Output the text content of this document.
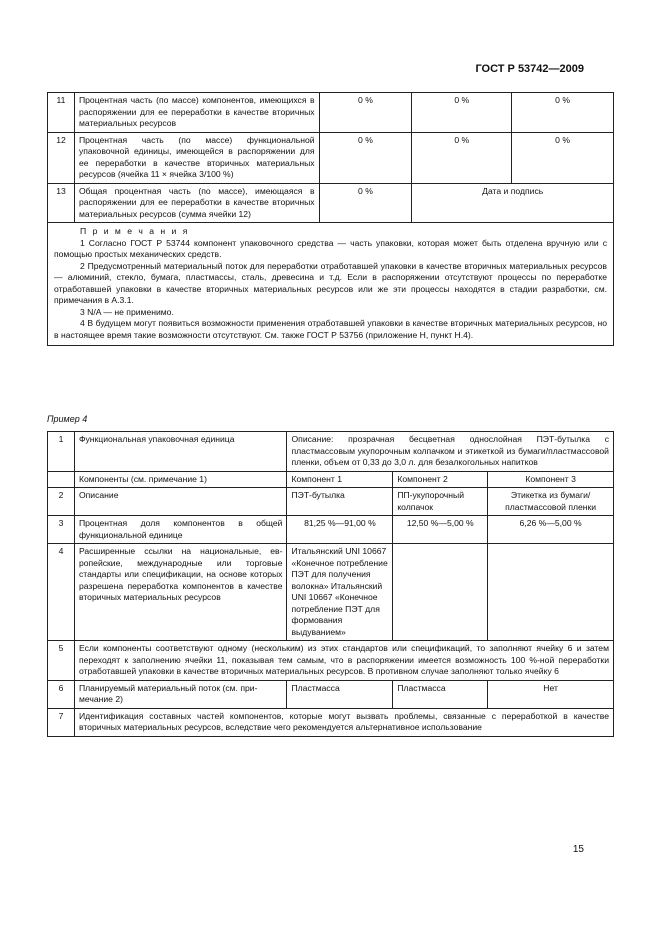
ГОСТ Р 53742—2009
11	Процентная часть (по массе) компонентов, имеющихся в распоряжении для ее переработки в качестве вторичных материальных ресурсов	0 %	0 %	0 %
12	Процентная часть (по массе) функциональной упаковочной единицы, имеющейся в распоряжении для ее переработки в качестве вторичных материальных ресурсов (ячейка 11 × ячейка 3/100 %)	0 %	0 %	0 %
13	Общая процентная часть (по массе), имеющаяся в распоряжении для ее переработки в качестве вторичных материальных ресурсов (сумма ячейки 12)	0 %	Дата и подпись	

П р и м е ч а н и я

1 Согласно ГОСТ Р 53744 компонент упаковочного средства — часть упаковки, которая может быть отделена вручную или с помощью простых механических средств.

2 Предусмотренный материальный поток для переработки отработавшей упаковки в качестве вторичных материальных ресурсов — алюминий, стекло, бумага, пластмассы, сталь, древесина и т.д. Если в распоряжении отсутствуют процессы по переработке отработавшей упаковки в качестве вторичных материальных ресурсов или же эти процессы находятся в стадии разработки, см. примечания в А.3.1.

3 N/A — не применимо.

4 В будущем могут появиться возможности применения отработавшей упаковки в качестве вторичных материальных ресурсов, но в настоящее время такие возможности отсутствуют. См. также ГОСТ Р 53756 (приложение Н, пункт Н.4).				

Пример 4
1	Функциональная упаковочная единица	Описание: прозрачная бесцветная однослойная ПЭТ-бутылка с пластмассовым укупорочным колпачком и этикеткой из бумаги/пластмассовой пленки, объем от 0,33 до 3,0 л. для безалкогольных напитков		
	Компоненты (см. примечание 1)	Компонент 1	Компонент 2	Компонент 3
2	Описание	ПЭТ-бутылка	ПП-укупорочный колпачок	Этикетка из бумаги/пластмассовой пленки
3	Процентная доля компонентов в общей функциональной единице	81,25 %—91,00 %	12,50 %—5,00 %	6,26 %—5,00 %
4	Расширенные ссылки на национальные, европейские, международные или торговые стандарты или спецификации, на основе которых разрешена переработка компонентов в качестве вторичных материальных ресурсов	Итальянский UNI 10667 «Конечное потребление ПЭТ для получения волокна» Итальянский UNI 10667 «Конечное потребление ПЭТ для формования выдуванием»		
5	Если компоненты соответствуют одному (нескольким) из этих стандартов или спецификаций, то заполняют ячейку 6 и затем переходят к заполнению ячейки 11, показывая тем самым, что в распоряжении имеется возможность 100 %-ной переработки отработавшей упаковки в качестве вторичных материальных ресурсов. В противном случае заполняют только ячейку 6			
6	Планируемый материальный поток (см. примечание 2)	Пластмасса	Пластмасса	Нет
7	Идентификация составных частей компонентов, которые могут вызвать проблемы, связанные с переработкой в качестве вторичных материальных ресурсов, вследствие чего рекомендуется альтернативное использование			
15
